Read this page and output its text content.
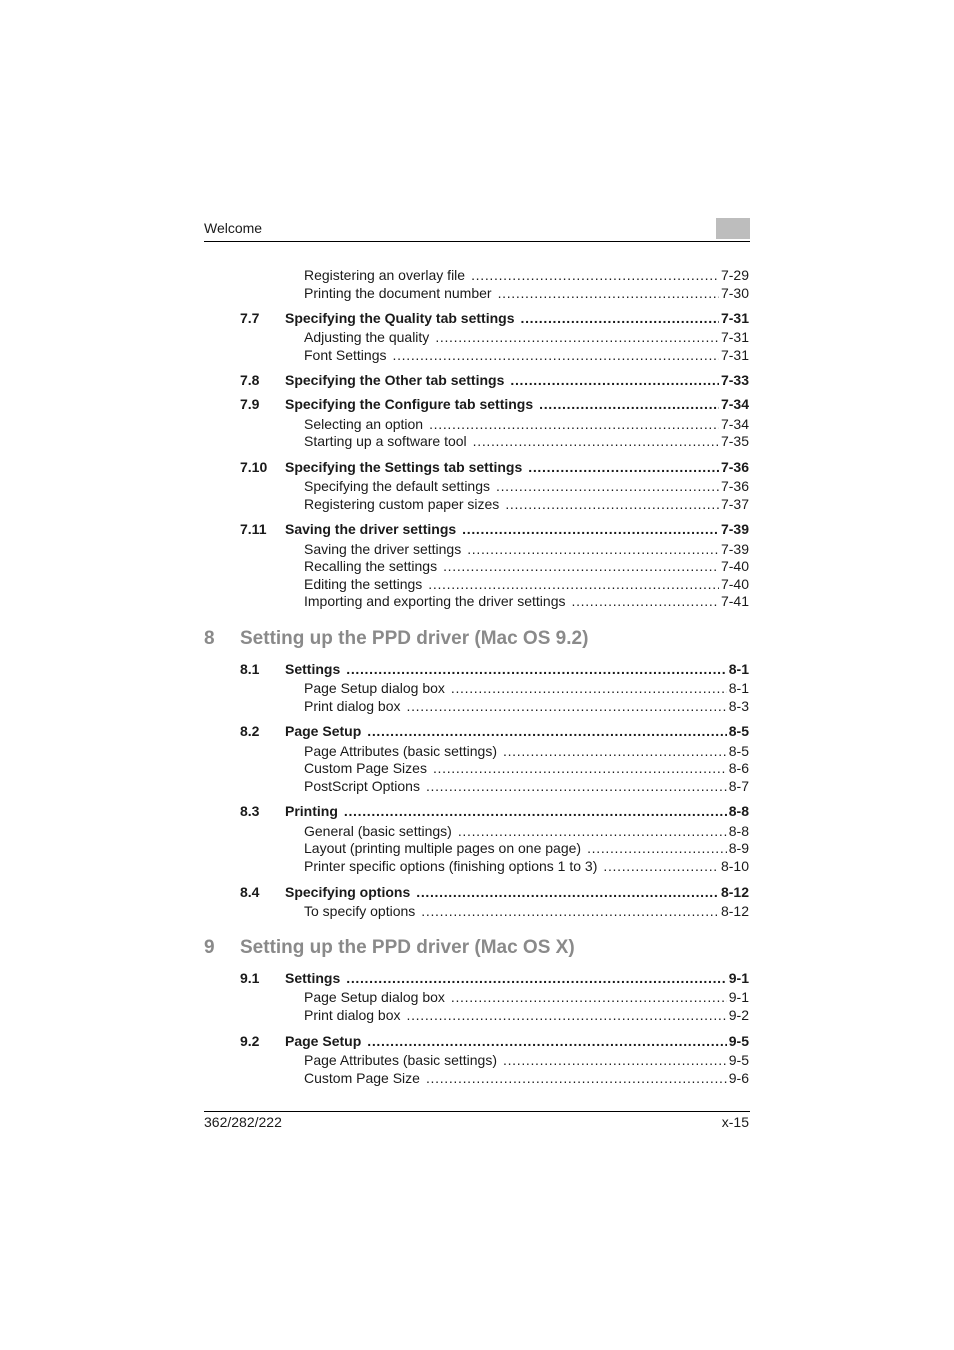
Welcome
Registering an overlay file . . .	7-29
Printing the document number . . .	7-30
7.7 Specifying the Quality tab settings . . .	7-31
Adjusting the quality . . .	7-31
Font Settings . . .	7-31
7.8 Specifying the Other tab settings . . .	7-33
7.9 Specifying the Configure tab settings . . .	7-34
Selecting an option . . .	7-34
Starting up a software tool . . .	7-35
7.10 Specifying the Settings tab settings . . .	7-36
Specifying the default settings . . .	7-36
Registering custom paper sizes . . .	7-37
7.11 Saving the driver settings . . .	7-39
Saving the driver settings . . .	7-39
Recalling the settings . . .	7-40
Editing the settings . . .	7-40
Importing and exporting the driver settings . . .	7-41
8 Setting up the PPD driver (Mac OS 9.2)
8.1 Settings . . .	8-1
Page Setup dialog box . . .	8-1
Print dialog box . . .	8-3
8.2 Page Setup . . .	8-5
Page Attributes (basic settings) . . .	8-5
Custom Page Sizes . . .	8-6
PostScript Options . . .	8-7
8.3 Printing . . .	8-8
General (basic settings) . . .	8-8
Layout (printing multiple pages on one page) . . .	8-9
Printer specific options (finishing options 1 to 3) . . .	8-10
8.4 Specifying options . . .	8-12
To specify options . . .	8-12
9 Setting up the PPD driver (Mac OS X)
9.1 Settings . . .	9-1
Page Setup dialog box . . .	9-1
Print dialog box . . .	9-2
9.2 Page Setup . . .	9-5
Page Attributes (basic settings) . . .	9-5
Custom Page Size . . .	9-6
362/282/222	x-15
